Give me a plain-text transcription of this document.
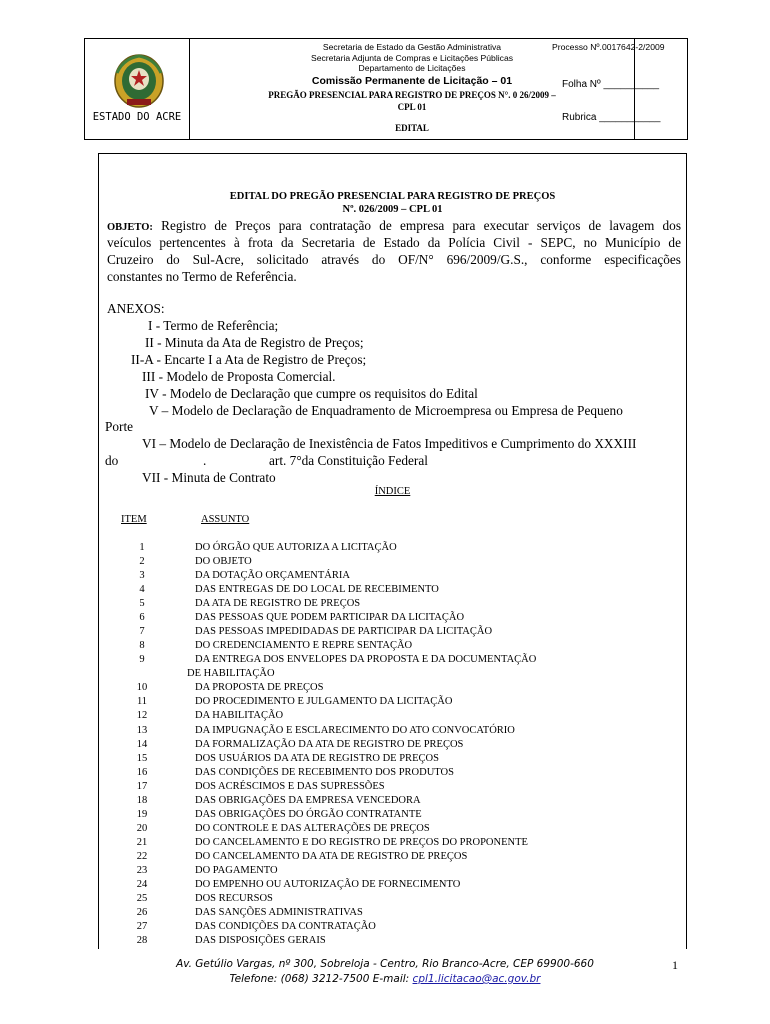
ESTADO DO ACRE
Secretaria de Estado da Gestão Administrativa
Secretaria Adjunta de Compras e Licitações Públicas
Departamento de Licitações
Comissão Permanente de Licitação – 01
PREGÃO PRESENCIAL PARA REGISTRO DE PREÇOS N°. 0 26/2009 –
CPL 01
EDITAL
Processo Nº.0017642-2/2009
Folha Nº __________
Rubrica ___________
EDITAL DO PREGÃO PRESENCIAL PARA REGISTRO DE PREÇOS
Nº. 026/2009 – CPL 01
OBJETO: Registro de Preços para contratação de empresa para executar serviços de lavagem dos
veículos pertencentes à frota da Secretaria de Estado da Polícia Civil - SEPC, no Município de
Cruzeiro do Sul-Acre, solicitado através do OF/N° 696/2009/G.S., conforme especificações
constantes no Termo de Referência.
ANEXOS:
I - Termo de Referência;
II - Minuta da Ata de Registro de Preços;
II-A - Encarte I a Ata de Registro de Preços;
III - Modelo de Proposta Comercial.
IV - Modelo de Declaração que cumpre os requisitos do Edital
V – Modelo de Declaração de Enquadramento de Microempresa ou Empresa de Pequeno
Porte
VI – Modelo de Declaração de Inexistência de Fatos Impeditivos e Cumprimento do XXXIII
do	.	art. 7°da Constituição Federal
VII - Minuta de Contrato
ÍNDICE
ITEM	ASSUNTO
1	DO ÓRGÃO QUE AUTORIZA A LICITAÇÃO
2	DO OBJETO
3	DA DOTAÇÃO ORÇAMENTÁRIA
4	DAS ENTREGAS DE DO LOCAL DE RECEBIMENTO
5	DA ATA DE REGISTRO DE PREÇOS
6	DAS PESSOAS QUE PODEM PARTICIPAR DA LICITAÇÃO
7	DAS PESSOAS IMPEDIDADAS DE PARTICIPAR DA LICITAÇÃO
8	DO CREDENCIAMENTO E REPRE SENTAÇÃO
9	DA ENTREGA DOS ENVELOPES DA PROPOSTA E DA DOCUMENTAÇÃO
DE HABILITAÇÃO
10	DA PROPOSTA DE PREÇOS
11	DO PROCEDIMENTO E JULGAMENTO DA LICITAÇÃO
12	DA HABILITAÇÃO
13	DA IMPUGNAÇÃO E ESCLARECIMENTO DO ATO CONVOCATÓRIO
14	DA FORMALIZAÇÃO DA ATA DE REGISTRO DE PREÇOS
15	DOS USUÁRIOS DA ATA DE REGISTRO DE PREÇOS
16	DAS CONDIÇÕES DE RECEBIMENTO DOS PRODUTOS
17	DOS ACRÉSCIMOS E DAS SUPRESSÕES
18	DAS OBRIGAÇÕES DA EMPRESA VENCEDORA
19	DAS OBRIGAÇÕES DO ÓRGÃO CONTRATANTE
20	DO CONTROLE E DAS ALTERAÇÕES DE PREÇOS
21	DO CANCELAMENTO E DO REGISTRO DE PREÇOS DO PROPONENTE
22	DO CANCELAMENTO DA ATA DE REGISTRO DE PREÇOS
23	DO PAGAMENTO
24	DO EMPENHO OU AUTORIZAÇÃO DE FORNECIMENTO
25	DOS RECURSOS
26	DAS SANÇÕES ADMINISTRATIVAS
27	DAS CONDIÇÕES DA CONTRATAÇÃO
28	DAS DISPOSIÇÕES GERAIS
Av. Getúlio Vargas, nº 300, Sobreloja - Centro, Rio Branco-Acre, CEP 69900-660
Telefone: (068) 3212-7500 E-mail: cpl1.licitacao@ac.gov.br
1
